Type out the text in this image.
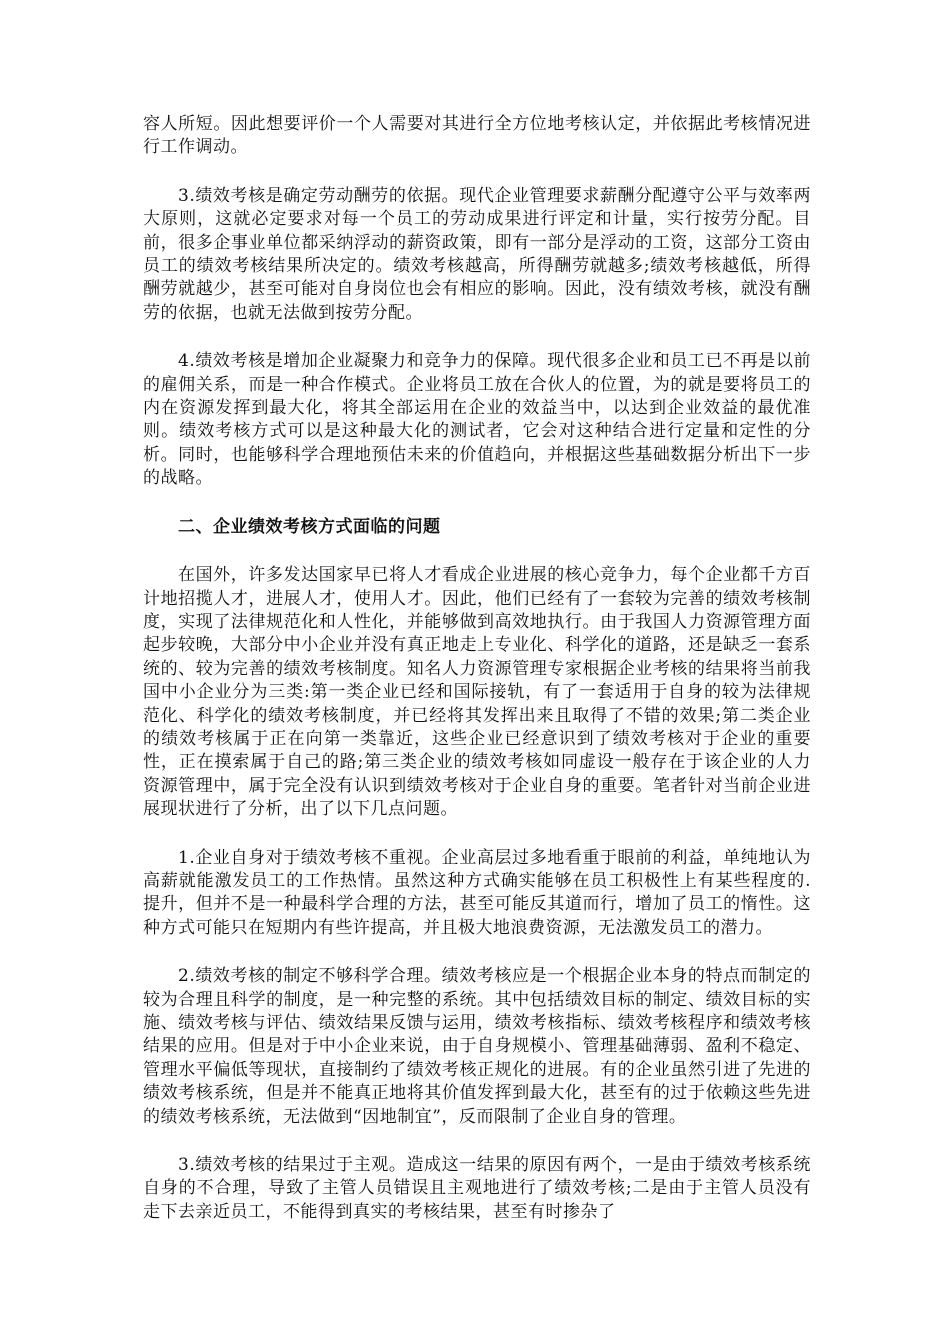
容人所短。因此想要评价一个人需要对其进行全方位地考核认定，并依据此考核情况进行工作调动。

3.绩效考核是确定劳动酬劳的依据。现代企业管理要求薪酬分配遵守公平与效率两大原则，这就必定要求对每一个员工的劳动成果进行评定和计量，实行按劳分配。目前，很多企事业单位都采纳浮动的薪资政策，即有一部分是浮动的工资，这部分工资由员工的绩效考核结果所决定的。绩效考核越高，所得酬劳就越多;绩效考核越低，所得酬劳就越少，甚至可能对自身岗位也会有相应的影响。因此，没有绩效考核，就没有酬劳的依据，也就无法做到按劳分配。

4.绩效考核是增加企业凝聚力和竞争力的保障。现代很多企业和员工已不再是以前的雇佣关系，而是一种合作模式。企业将员工放在合伙人的位置，为的就是要将员工的内在资源发挥到最大化，将其全部运用在企业的效益当中，以达到企业效益的最优准则。绩效考核方式可以是这种最大化的测试者，它会对这种结合进行定量和定性的分析。同时，也能够科学合理地预估未来的价值趋向，并根据这些基础数据分析出下一步的战略。

二、企业绩效考核方式面临的问题

在国外，许多发达国家早已将人才看成企业进展的核心竞争力，每个企业都千方百计地招揽人才，进展人才，使用人才。因此，他们已经有了一套较为完善的绩效考核制度，实现了法律规范化和人性化，并能够做到高效地执行。由于我国人力资源管理方面起步较晚，大部分中小企业并没有真正地走上专业化、科学化的道路，还是缺乏一套系统的、较为完善的绩效考核制度。知名人力资源管理专家根据企业考核的结果将当前我国中小企业分为三类:第一类企业已经和国际接轨，有了一套适用于自身的较为法律规范化、科学化的绩效考核制度，并已经将其发挥出来且取得了不错的效果;第二类企业的绩效考核属于正在向第一类靠近，这些企业已经意识到了绩效考核对于企业的重要性，正在摸索属于自己的路;第三类企业的绩效考核如同虚设一般存在于该企业的人力资源管理中，属于完全没有认识到绩效考核对于企业自身的重要。笔者针对当前企业进展现状进行了分析，出了以下几点问题。

1.企业自身对于绩效考核不重视。企业高层过多地看重于眼前的利益，单纯地认为高薪就能激发员工的工作热情。虽然这种方式确实能够在员工积极性上有某些程度的.提升，但并不是一种最科学合理的方法，甚至可能反其道而行，增加了员工的惰性。这种方式可能只在短期内有些许提高，并且极大地浪费资源，无法激发员工的潜力。

2.绩效考核的制定不够科学合理。绩效考核应是一个根据企业本身的特点而制定的较为合理且科学的制度，是一种完整的系统。其中包括绩效目标的制定、绩效目标的实施、绩效考核与评估、绩效结果反馈与运用，绩效考核指标、绩效考核程序和绩效考核结果的应用。但是对于中小企业来说，由于自身规模小、管理基础薄弱、盈利不稳定、管理水平偏低等现状，直接制约了绩效考核正规化的进展。有的企业虽然引进了先进的绩效考核系统，但是并不能真正地将其价值发挥到最大化，甚至有的过于依赖这些先进的绩效考核系统，无法做到“因地制宜”，反而限制了企业自身的管理。

3.绩效考核的结果过于主观。造成这一结果的原因有两个，一是由于绩效考核系统自身的不合理，导致了主管人员错误且主观地进行了绩效考核;二是由于主管人员没有走下去亲近员工，不能得到真实的考核结果，甚至有时掺杂了
